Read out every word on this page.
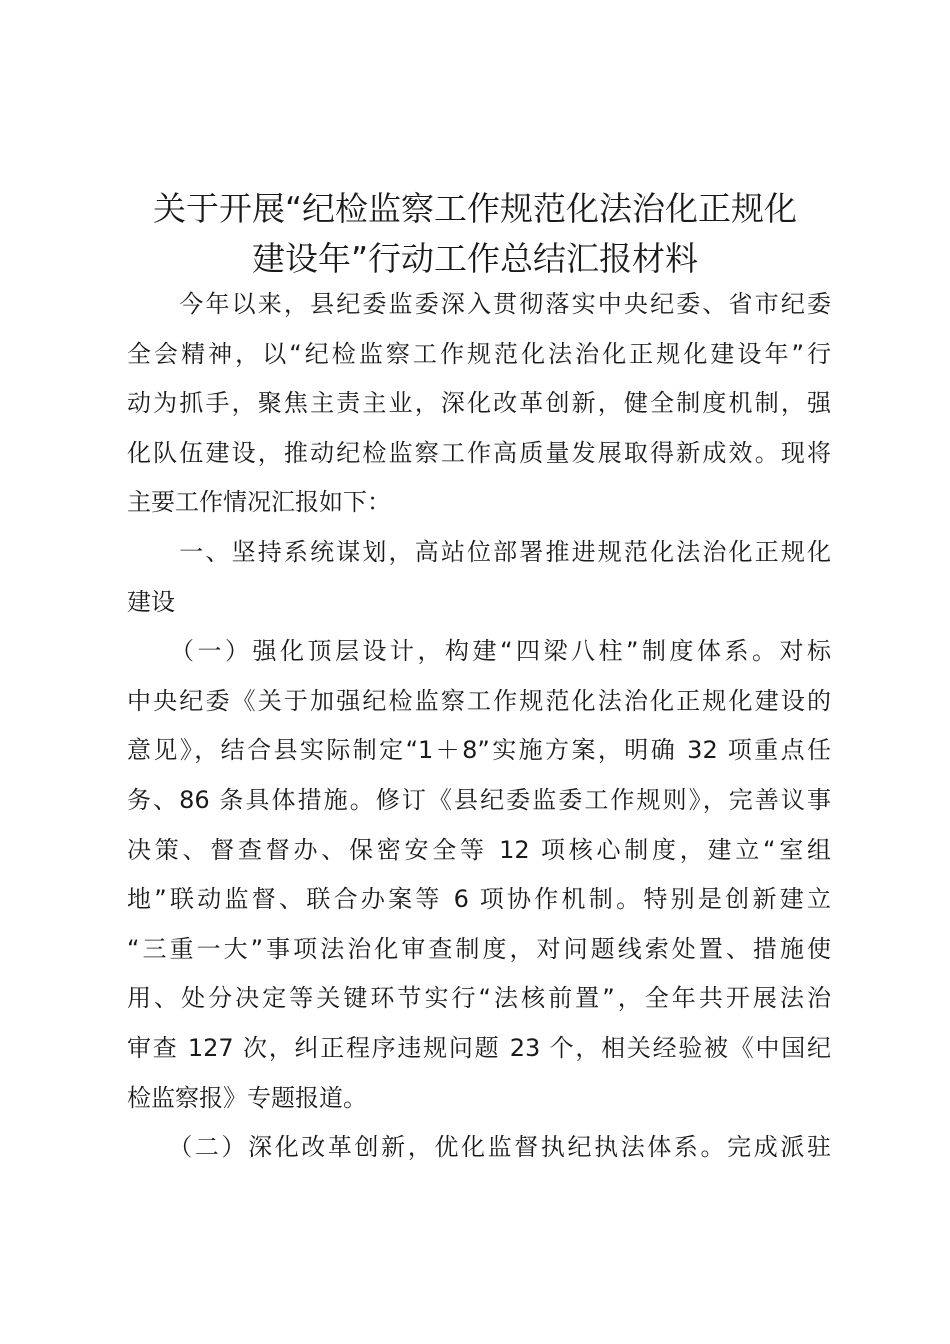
关于开展“纪检监察工作规范化法治化正规化
建设年”行动工作总结汇报材料

　　今年以来，县纪委监委深入贯彻落实中央纪委、省市纪委
全会精神，以“纪检监察工作规范化法治化正规化建设年”行
动为抓手，聚焦主责主业，深化改革创新，健全制度机制，强
化队伍建设，推动纪检监察工作高质量发展取得新成效。现将
主要工作情况汇报如下：

　　一、坚持系统谋划，高站位部署推进规范化法治化正规化
建设

　　（一）强化顶层设计，构建“四梁八柱”制度体系。对标
中央纪委《关于加强纪检监察工作规范化法治化正规化建设的
意见》，结合县实际制定“1＋8”实施方案，明确 32 项重点任
务、86 条具体措施。修订《县纪委监委工作规则》，完善议事
决策、督查督办、保密安全等 12 项核心制度，建立“室组
地”联动监督、联合办案等 6 项协作机制。特别是创新建立
“三重一大”事项法治化审查制度，对问题线索处置、措施使
用、处分决定等关键环节实行“法核前置”，全年共开展法治
审查 127 次，纠正程序违规问题 23 个，相关经验被《中国纪
检监察报》专题报道。

　　（二）深化改革创新，优化监督执纪执法体系。完成派驻
